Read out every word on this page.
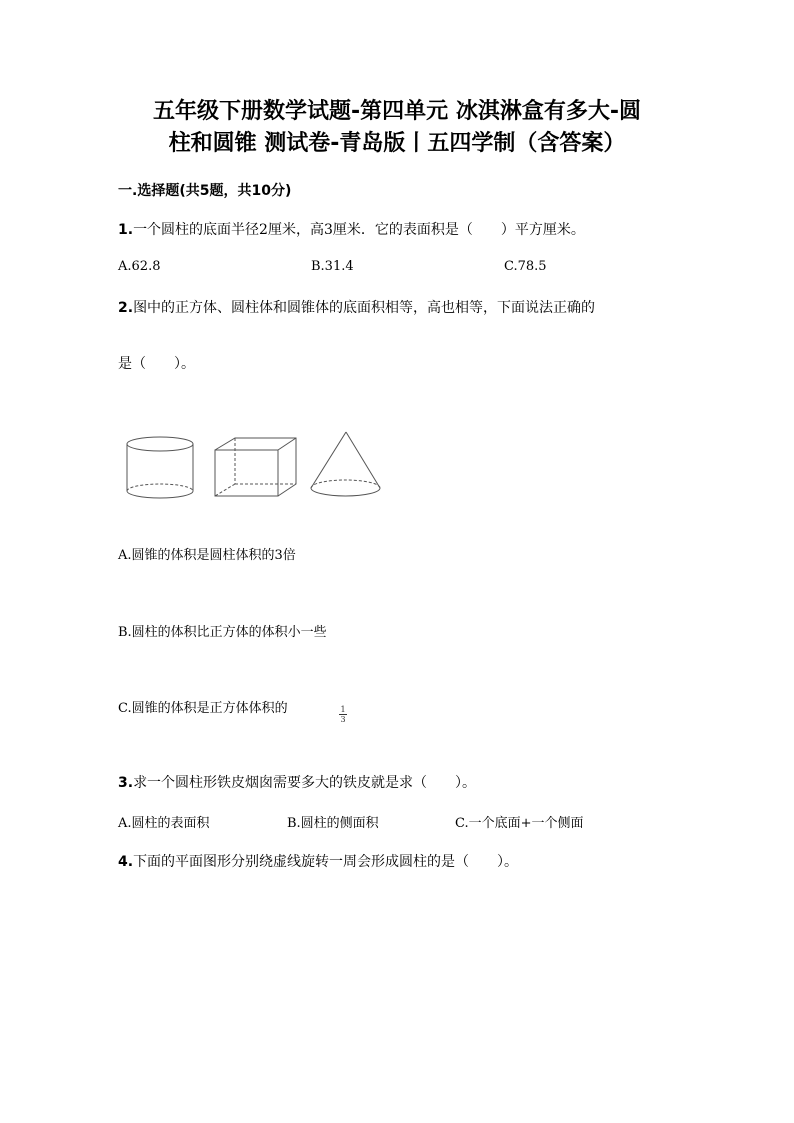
五年级下册数学试题-第四单元 冰淇淋盒有多大-圆
柱和圆锥 测试卷-青岛版丨五四学制（含答案）
一.选择题(共5题，共10分)
1.一个圆柱的底面半径2厘米，高3厘米．它的表面积是（　　）平方厘米。
A.62.8	B.31.4	C.78.5
2.图中的正方体、圆柱体和圆锥体的底面积相等，高也相等，下面说法正确的
是（　　）。
A.圆锥的体积是圆柱体积的3倍
B.圆柱的体积比正方体的体积小一些
C.圆锥的体积是正方体体积的	1
3
3.求一个圆柱形铁皮烟囱需要多大的铁皮就是求（　　）。
A.圆柱的表面积	B.圆柱的侧面积	C.一个底面+一个侧面
4.下面的平面图形分别绕虚线旋转一周会形成圆柱的是（　　）。
